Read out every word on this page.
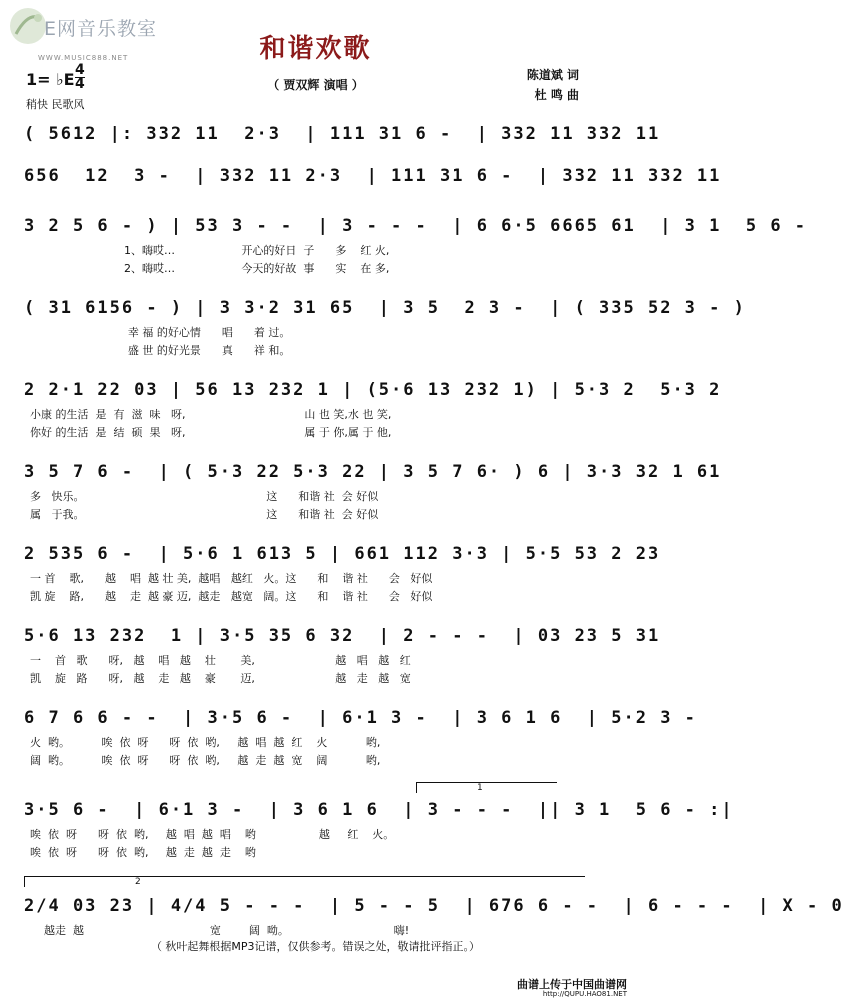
E网音乐教室
WWW.MUSIC888.NET	和谐欢歌
（ 贾双辉 演唱 ）
陈道斌 词
杜 鸣 曲
1= ♭E 4
4
稍快 民歌风
( 5612 |: 332 11  2·3  | 111 31 6 -  | 332 11 332 11
656  12  3 -  | 332 11 2·3  | 111 31 6 -  | 332 11 332 11
3 2 5 6 - ) | 53 3 - -  | 3 - - -  | 6 6·5 6665 61  | 3 1  5 6 -
1、嗨哎…                   开心的好日  子      多    红 火,
2、嗨哎…                   今天的好故  事      实    在 多,
( 31 6156 - ) | 3 3·2 31 65  | 3 5  2 3 -  | ( 335 52 3 - )
幸 福 的好心情      唱      着 过。
盛 世 的好光景      真      祥 和。
2 2·1 22 03 | 56 13 232 1 | (5·6 13 232 1) | 5·3 2  5·3 2
小康 的生活  是  有  滋  味   呀,                                  山 也 笑,水 也 笑,
你好 的生活  是  结  硕  果   呀,                                  属 于 你,属 于 他,
3 5 7 6 -  | ( 5·3 22 5·3 22 | 3 5 7 6· ) 6 | 3·3 32 1 61
多   快乐。                                                    这      和谐 社  会 好似
属   于我。                                                    这      和谐 社  会 好似
2 535 6 -  | 5·6 1 613 5 | 661 112 3·3 | 5·5 53 2 23
一 首    歌,      越    唱  越 壮 美,  越唱   越红   火。这      和    谐 社      会   好似
凯 旋    路,      越    走  越 豪 迈,  越走   越宽   阔。这      和    谐 社      会   好似
5·6 13 232  1 | 3·5 35 6 32  | 2 - - -  | 03 23 5 31
一    首   歌      呀,   越    唱   越    壮       美,                       越   唱   越   红
凯    旋   路      呀,   越    走   越    豪       迈,                       越   走   越   宽
6 7 6 6 - -  | 3·5 6 -  | 6·1 3 -  | 3 6 1 6  | 5·2 3 -
火  哟。         唉  依  呀      呀  依  哟,     越  唱  越  红    火           哟,
阔  哟。         唉  依  呀      呀  依  哟,     越  走  越  宽    阔           哟,
1
3·5 6 -  | 6·1 3 -  | 3 6 1 6  | 3 - - -  || 3 1  5 6 - :|
唉  依  呀      呀  依  哟,     越  唱  越  唱    哟                  越     红    火。
唉  依  呀      呀  依  哟,     越  走  越  走    哟
2
2/4 03 23 | 4/4 5 - - -  | 5 - - 5  | 676 6 - -  | 6 - - -  | X - 0
越走  越                                    宽        阔  呦。                              嗨!
（ 秋叶起舞根据MP3记谱，仅供参考。错误之处，敬请批评指正。）
曲谱上传于中国曲谱网
http://QUPU.HAO81.NET
